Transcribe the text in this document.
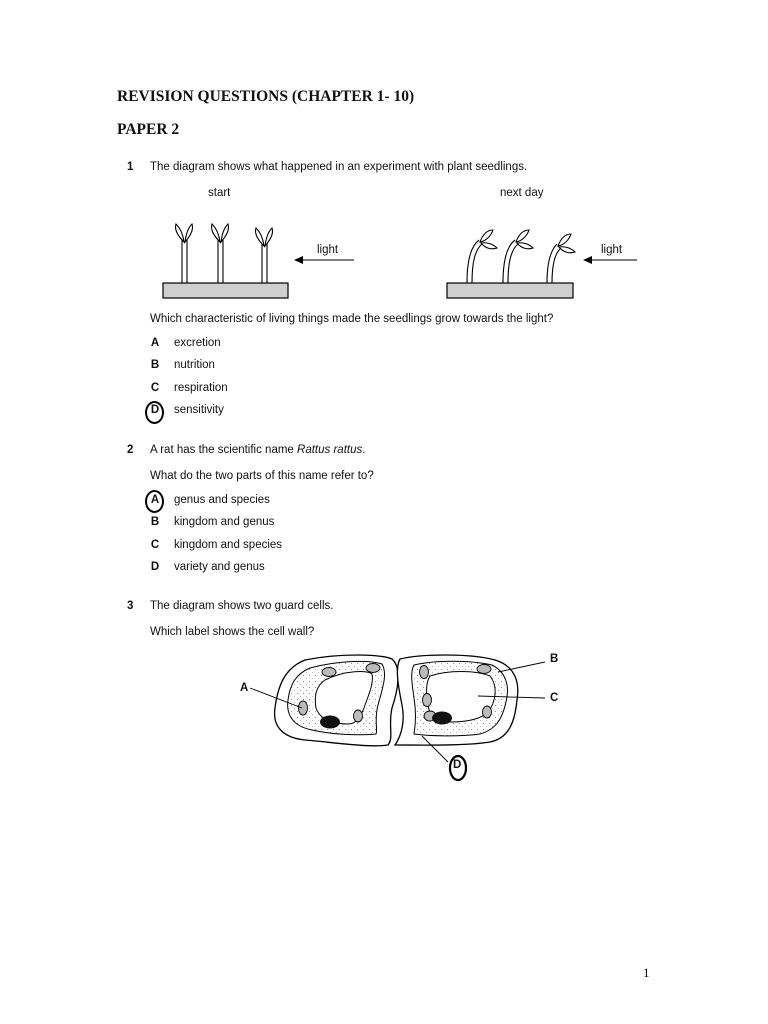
REVISION QUESTIONS (CHAPTER 1- 10)
PAPER 2
1 The diagram shows what happened in an experiment with plant seedlings.
start	next day
light	light
Which characteristic of living things made the seedlings grow towards the light?
A excretion
B nutrition
C respiration
D sensitivity
2 A rat has the scientific name Rattus rattus.
What do the two parts of this name refer to?
A genus and species
B kingdom and genus
C kingdom and species
D variety and genus
3 The diagram shows two guard cells.
Which label shows the cell wall?
A
B
C
D
1
